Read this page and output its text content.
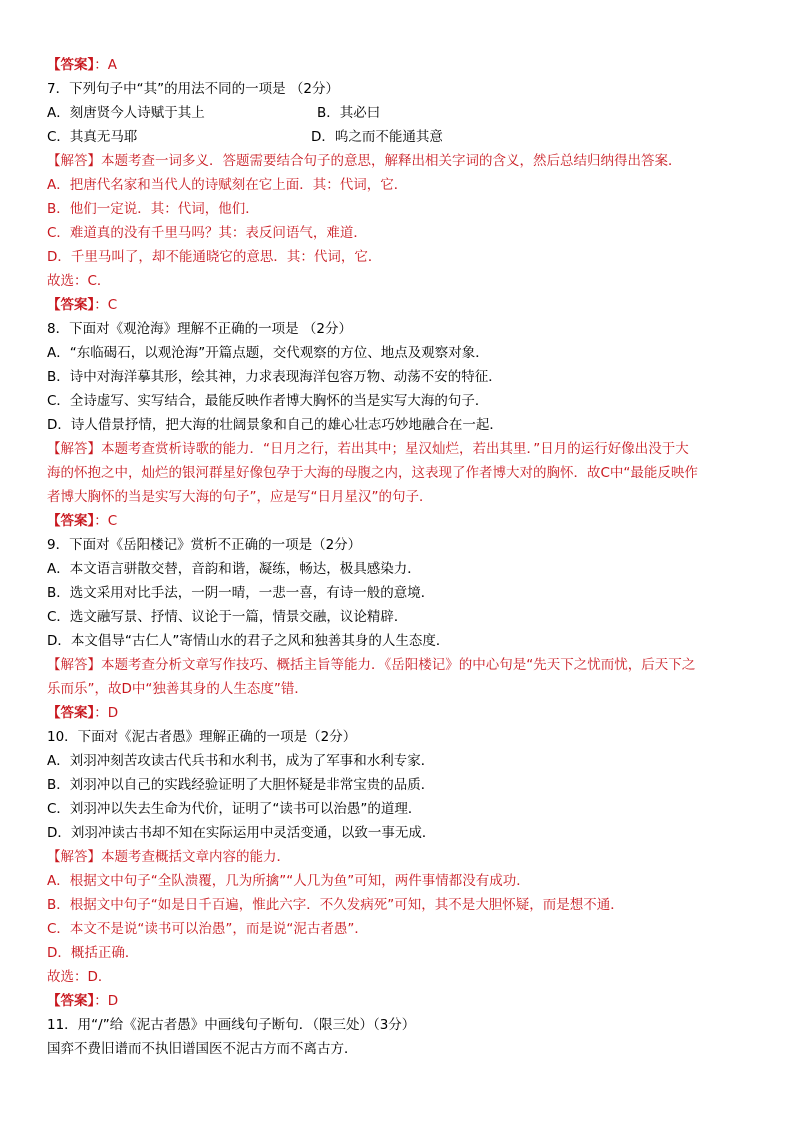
【答案】：A
7．下列句子中“其”的用法不同的一项是 （2分）
A．刻唐贤今人诗赋于其上	B．其必曰
C．其真无马耶	D．呜之而不能通其意
【解答】本题考查一词多义．答题需要结合句子的意思，解释出相关字词的含义，然后总结归纳得出答案．
A．把唐代名家和当代人的诗赋刻在它上面．其：代词，它．
B．他们一定说．其：代词，他们．
C．难道真的没有千里马吗？其：表反问语气，难道．
D．千里马叫了，却不能通晓它的意思．其：代词，它．
故选：C．
【答案】：C
8．下面对《观沧海》理解不正确的一项是 （2分）
A．“东临碣石，以观沧海”开篇点题，交代观察的方位、地点及观察对象．
B．诗中对海洋摹其形，绘其神，力求表现海洋包容万物、动荡不安的特征．
C．全诗虚写、实写结合，最能反映作者博大胸怀的当是实写大海的句子．
D．诗人借景抒情，把大海的壮阔景象和自己的雄心壮志巧妙地融合在一起．
【解答】本题考查赏析诗歌的能力．“日月之行，若出其中；星汉灿烂，若出其里．”日月的运行好像出没于大
海的怀抱之中，灿烂的银河群星好像包孕于大海的母腹之内，这表现了作者博大对的胸怀．故C中“最能反映作
者博大胸怀的当是实写大海的句子”，应是写“日月星汉”的句子．
【答案】：C
9．下面对《岳阳楼记》赏析不正确的一项是（2分）
A．本文语言骈散交替，音韵和谐，凝练，畅达，极具感染力．
B．选文采用对比手法，一阴一晴，一悲一喜，有诗一般的意境．
C．选文融写景、抒情、议论于一篇，情景交融，议论精辟．
D．本文倡导“古仁人”寄情山水的君子之风和独善其身的人生态度．
【解答】本题考查分析文章写作技巧、概括主旨等能力．《岳阳楼记》的中心句是“先天下之忧而忧，后天下之
乐而乐”，故D中“独善其身的人生态度”错．
【答案】：D
10．下面对《泥古者愚》理解正确的一项是（2分）
A．刘羽冲刻苦攻读古代兵书和水利书，成为了军事和水利专家．
B．刘羽冲以自己的实践经验证明了大胆怀疑是非常宝贵的品质．
C．刘羽冲以失去生命为代价，证明了“读书可以治愚”的道理．
D．刘羽冲读古书却不知在实际运用中灵活变通，以致一事无成．
【解答】本题考查概括文章内容的能力．
A．根据文中句子“全队溃覆，几为所擒”“人几为鱼”可知，两件事情都没有成功．
B．根据文中句子“如是日千百遍，惟此六字．不久发病死”可知，其不是大胆怀疑，而是想不通．
C．本文不是说“读书可以治愚”，而是说“泥古者愚”．
D．概括正确．
故选：D．
【答案】：D
11．用“/”给《泥古者愚》中画线句子断句．（限三处）（3分）
国弈不费旧谱而不执旧谱国医不泥古方而不离古方．
